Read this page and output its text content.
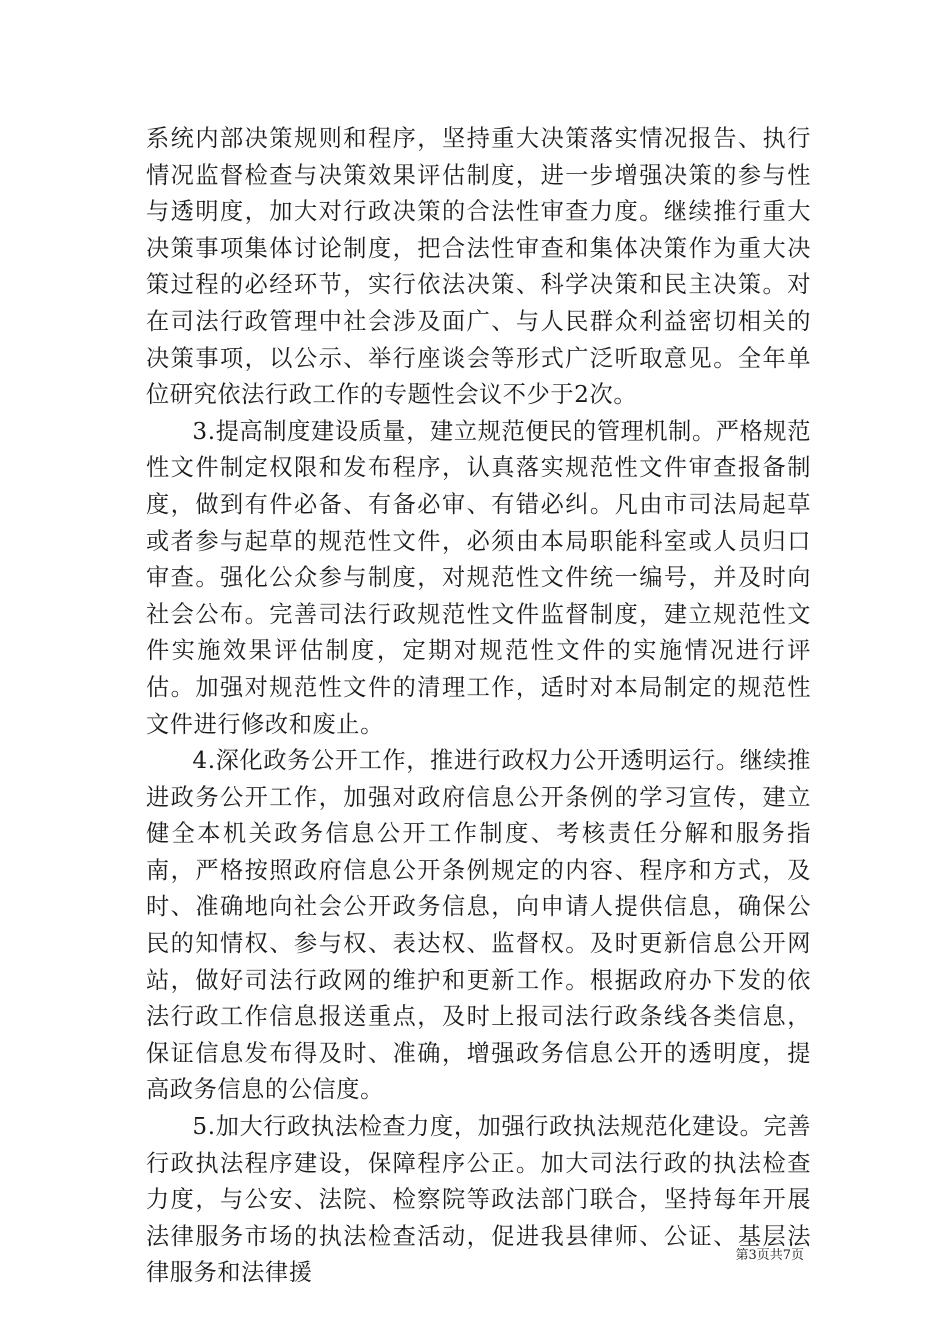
系统内部决策规则和程序，坚持重大决策落实情况报告、执行情况监督检查与决策效果评估制度，进一步增强决策的参与性与透明度，加大对行政决策的合法性审查力度。继续推行重大决策事项集体讨论制度，把合法性审查和集体决策作为重大决策过程的必经环节，实行依法决策、科学决策和民主决策。对在司法行政管理中社会涉及面广、与人民群众利益密切相关的决策事项，以公示、举行座谈会等形式广泛听取意见。全年单位研究依法行政工作的专题性会议不少于2次。

3.提高制度建设质量，建立规范便民的管理机制。严格规范性文件制定权限和发布程序，认真落实规范性文件审查报备制度，做到有件必备、有备必审、有错必纠。凡由市司法局起草或者参与起草的规范性文件，必须由本局职能科室或人员归口审查。强化公众参与制度，对规范性文件统一编号，并及时向社会公布。完善司法行政规范性文件监督制度，建立规范性文件实施效果评估制度，定期对规范性文件的实施情况进行评估。加强对规范性文件的清理工作，适时对本局制定的规范性文件进行修改和废止。

4.深化政务公开工作，推进行政权力公开透明运行。继续推进政务公开工作，加强对政府信息公开条例的学习宣传，建立健全本机关政务信息公开工作制度、考核责任分解和服务指南，严格按照政府信息公开条例规定的内容、程序和方式，及时、准确地向社会公开政务信息，向申请人提供信息，确保公民的知情权、参与权、表达权、监督权。及时更新信息公开网站，做好司法行政网的维护和更新工作。根据政府办下发的依法行政工作信息报送重点，及时上报司法行政条线各类信息，保证信息发布得及时、准确，增强政务信息公开的透明度，提高政务信息的公信度。

5.加大行政执法检查力度，加强行政执法规范化建设。完善行政执法程序建设，保障程序公正。加大司法行政的执法检查力度，与公安、法院、检察院等政法部门联合，坚持每年开展法律服务市场的执法检查活动，促进我县律师、公证、基层法律服务和法律援

第3页共7页
